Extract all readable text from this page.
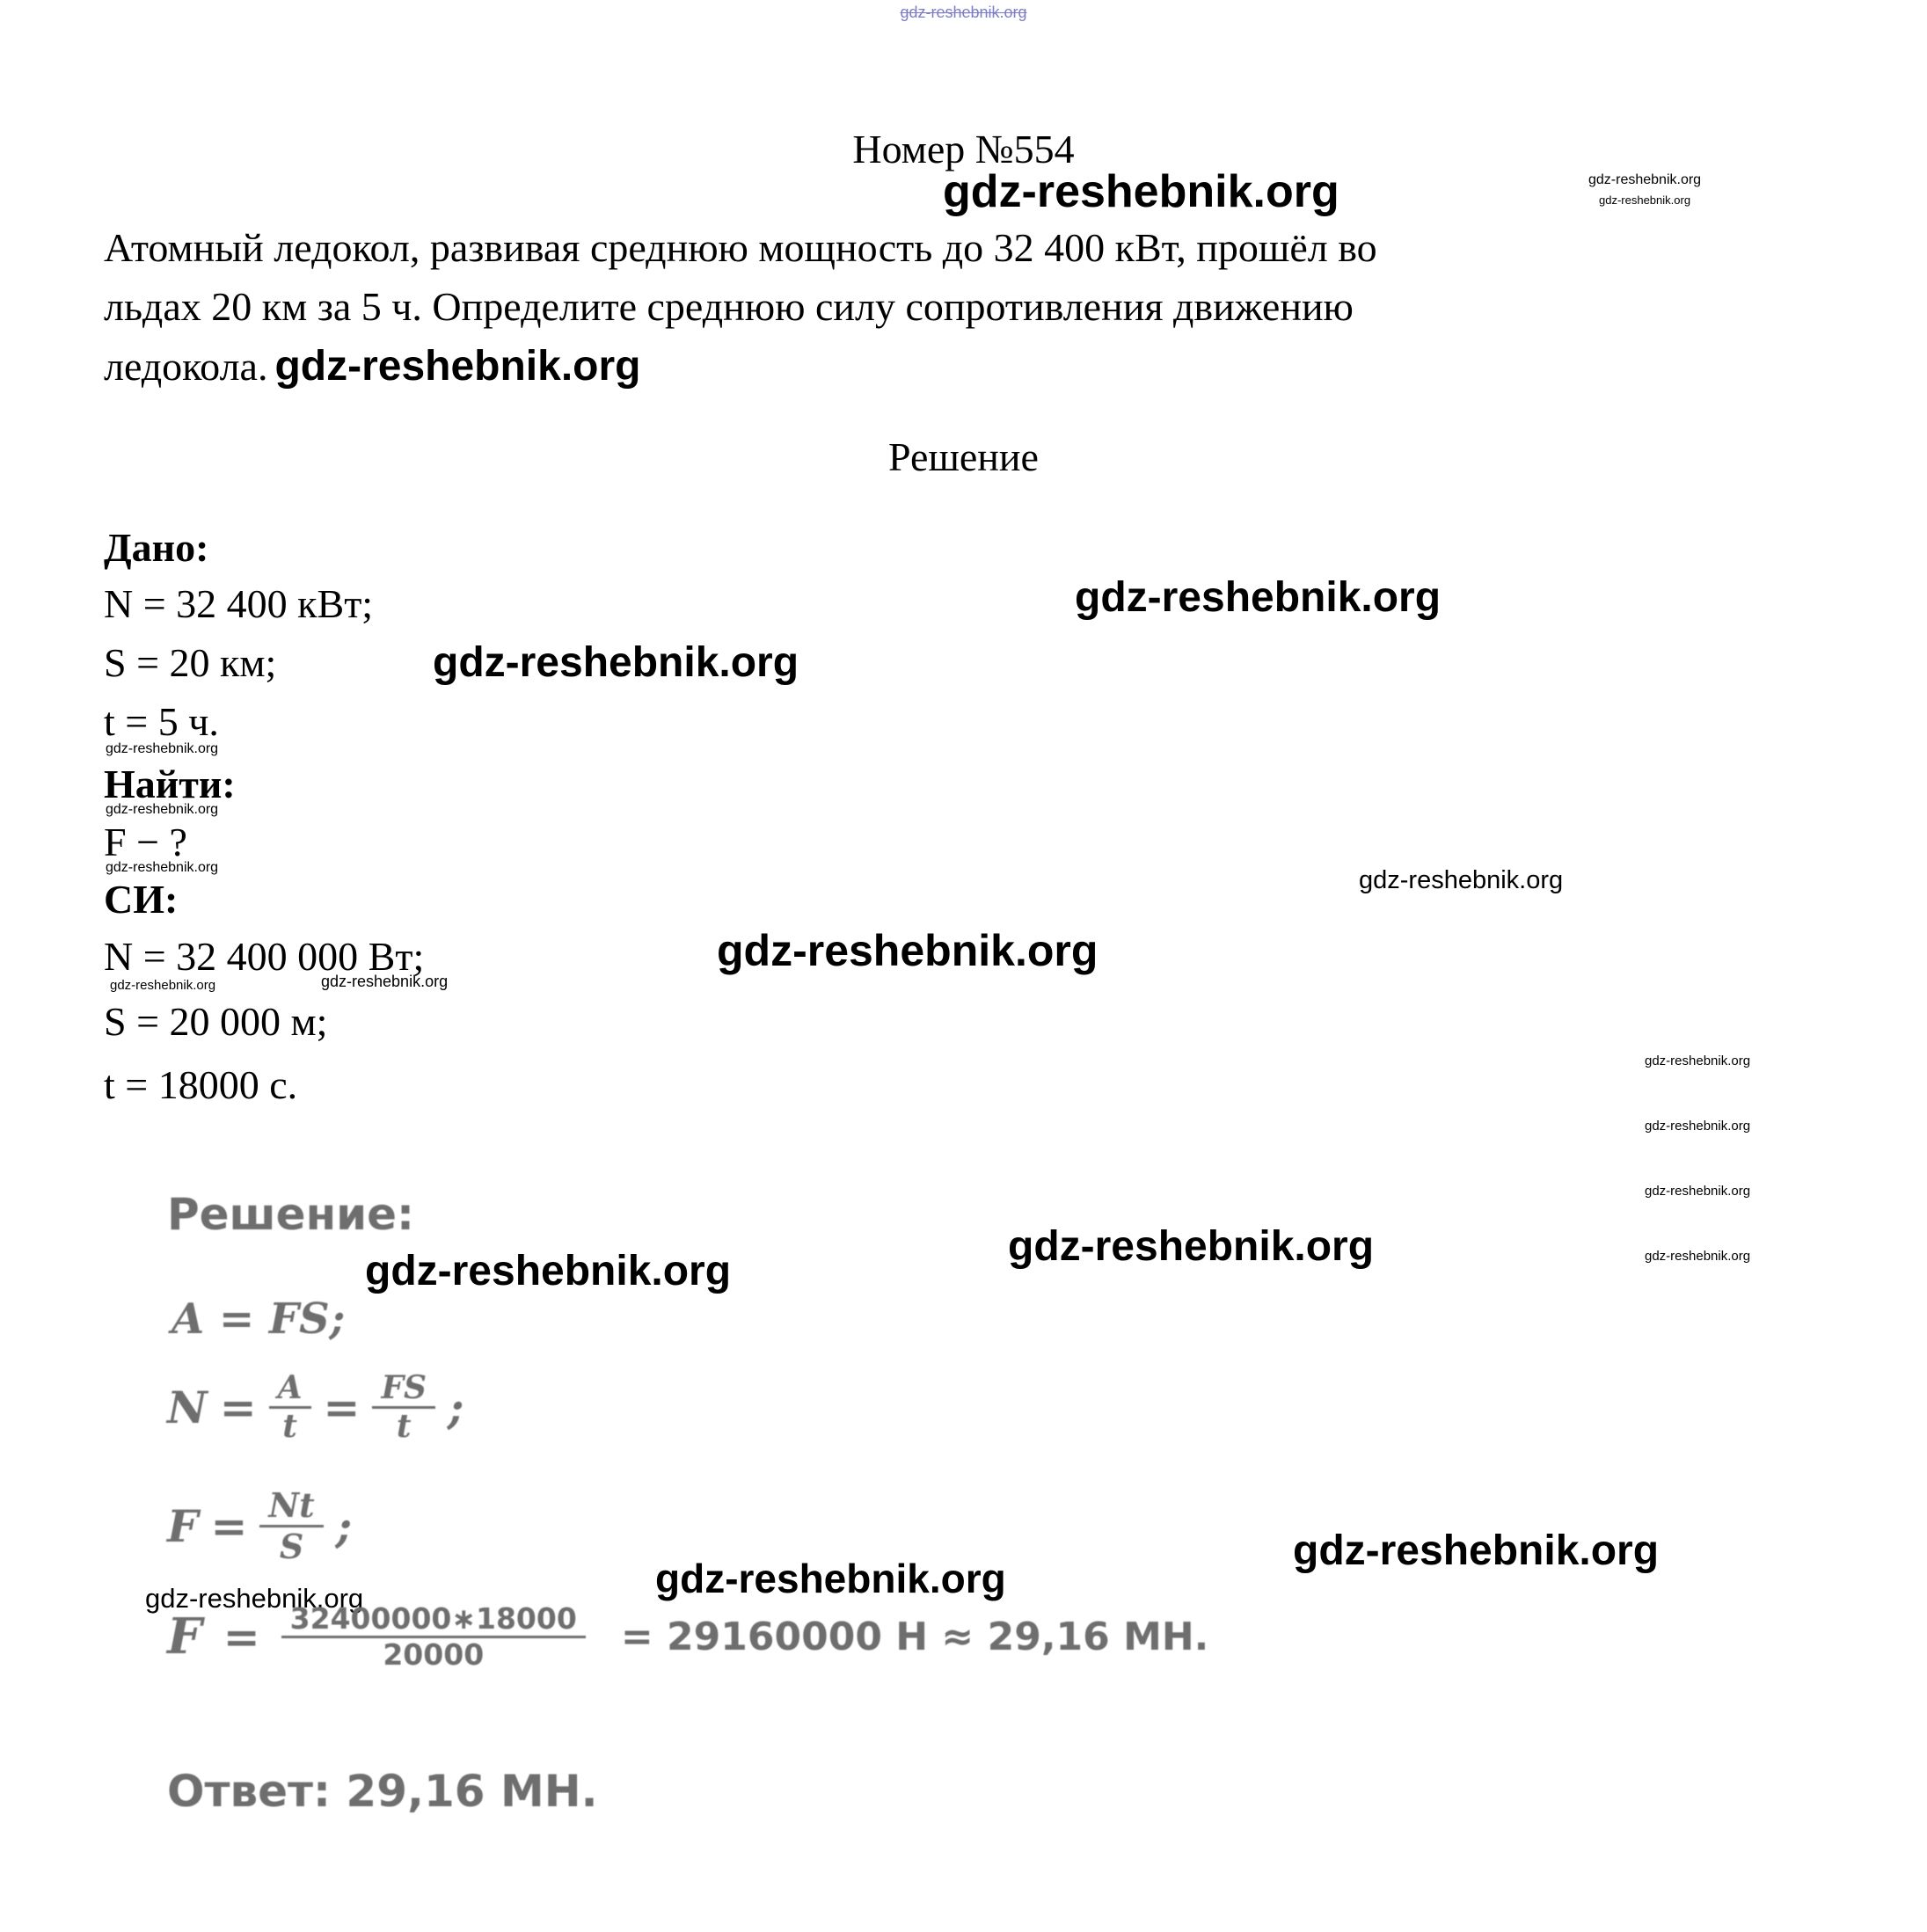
gdz-reshebnik.org
Номер №554
gdz-reshebnik.org	gdz-reshebnik.org
gdz-reshebnik.org
Атомный ледокол, развивая среднюю мощность до 32 400 кВт, прошёл во
льдах 20 км за 5 ч. Определите среднюю силу сопротивления движению
ледокола. gdz-reshebnik.org
Решение
Дано:
N = 32 400 кВт;	gdz-reshebnik.org
S = 20 км;	gdz-reshebnik.org
t = 5 ч.
gdz-reshebnik.org
Найти:
gdz-reshebnik.org
F − ?
gdz-reshebnik.org
СИ:	gdz-reshebnik.org
N = 32 400 000 Вт;	gdz-reshebnik.org
gdz-reshebnik.org	gdz-reshebnik.org
S = 20 000 м;
t = 18000 с.
gdz-reshebnik.org
gdz-reshebnik.org
gdz-reshebnik.org
gdz-reshebnik.org
Решение:
gdz-reshebnik.org
gdz-reshebnik.org
A = FS;
$N = \frac{A}{t} = \frac{FS}{t}$ ;
$F = \frac{Nt}{S}$ ;
gdz-reshebnik.org
gdz-reshebnik.org
gdz-reshebnik.org
$F = \frac{32400000∗18000}{20000} = 29160000$ Н ≈ 29,16 МН.
Ответ: 29,16 МН.
